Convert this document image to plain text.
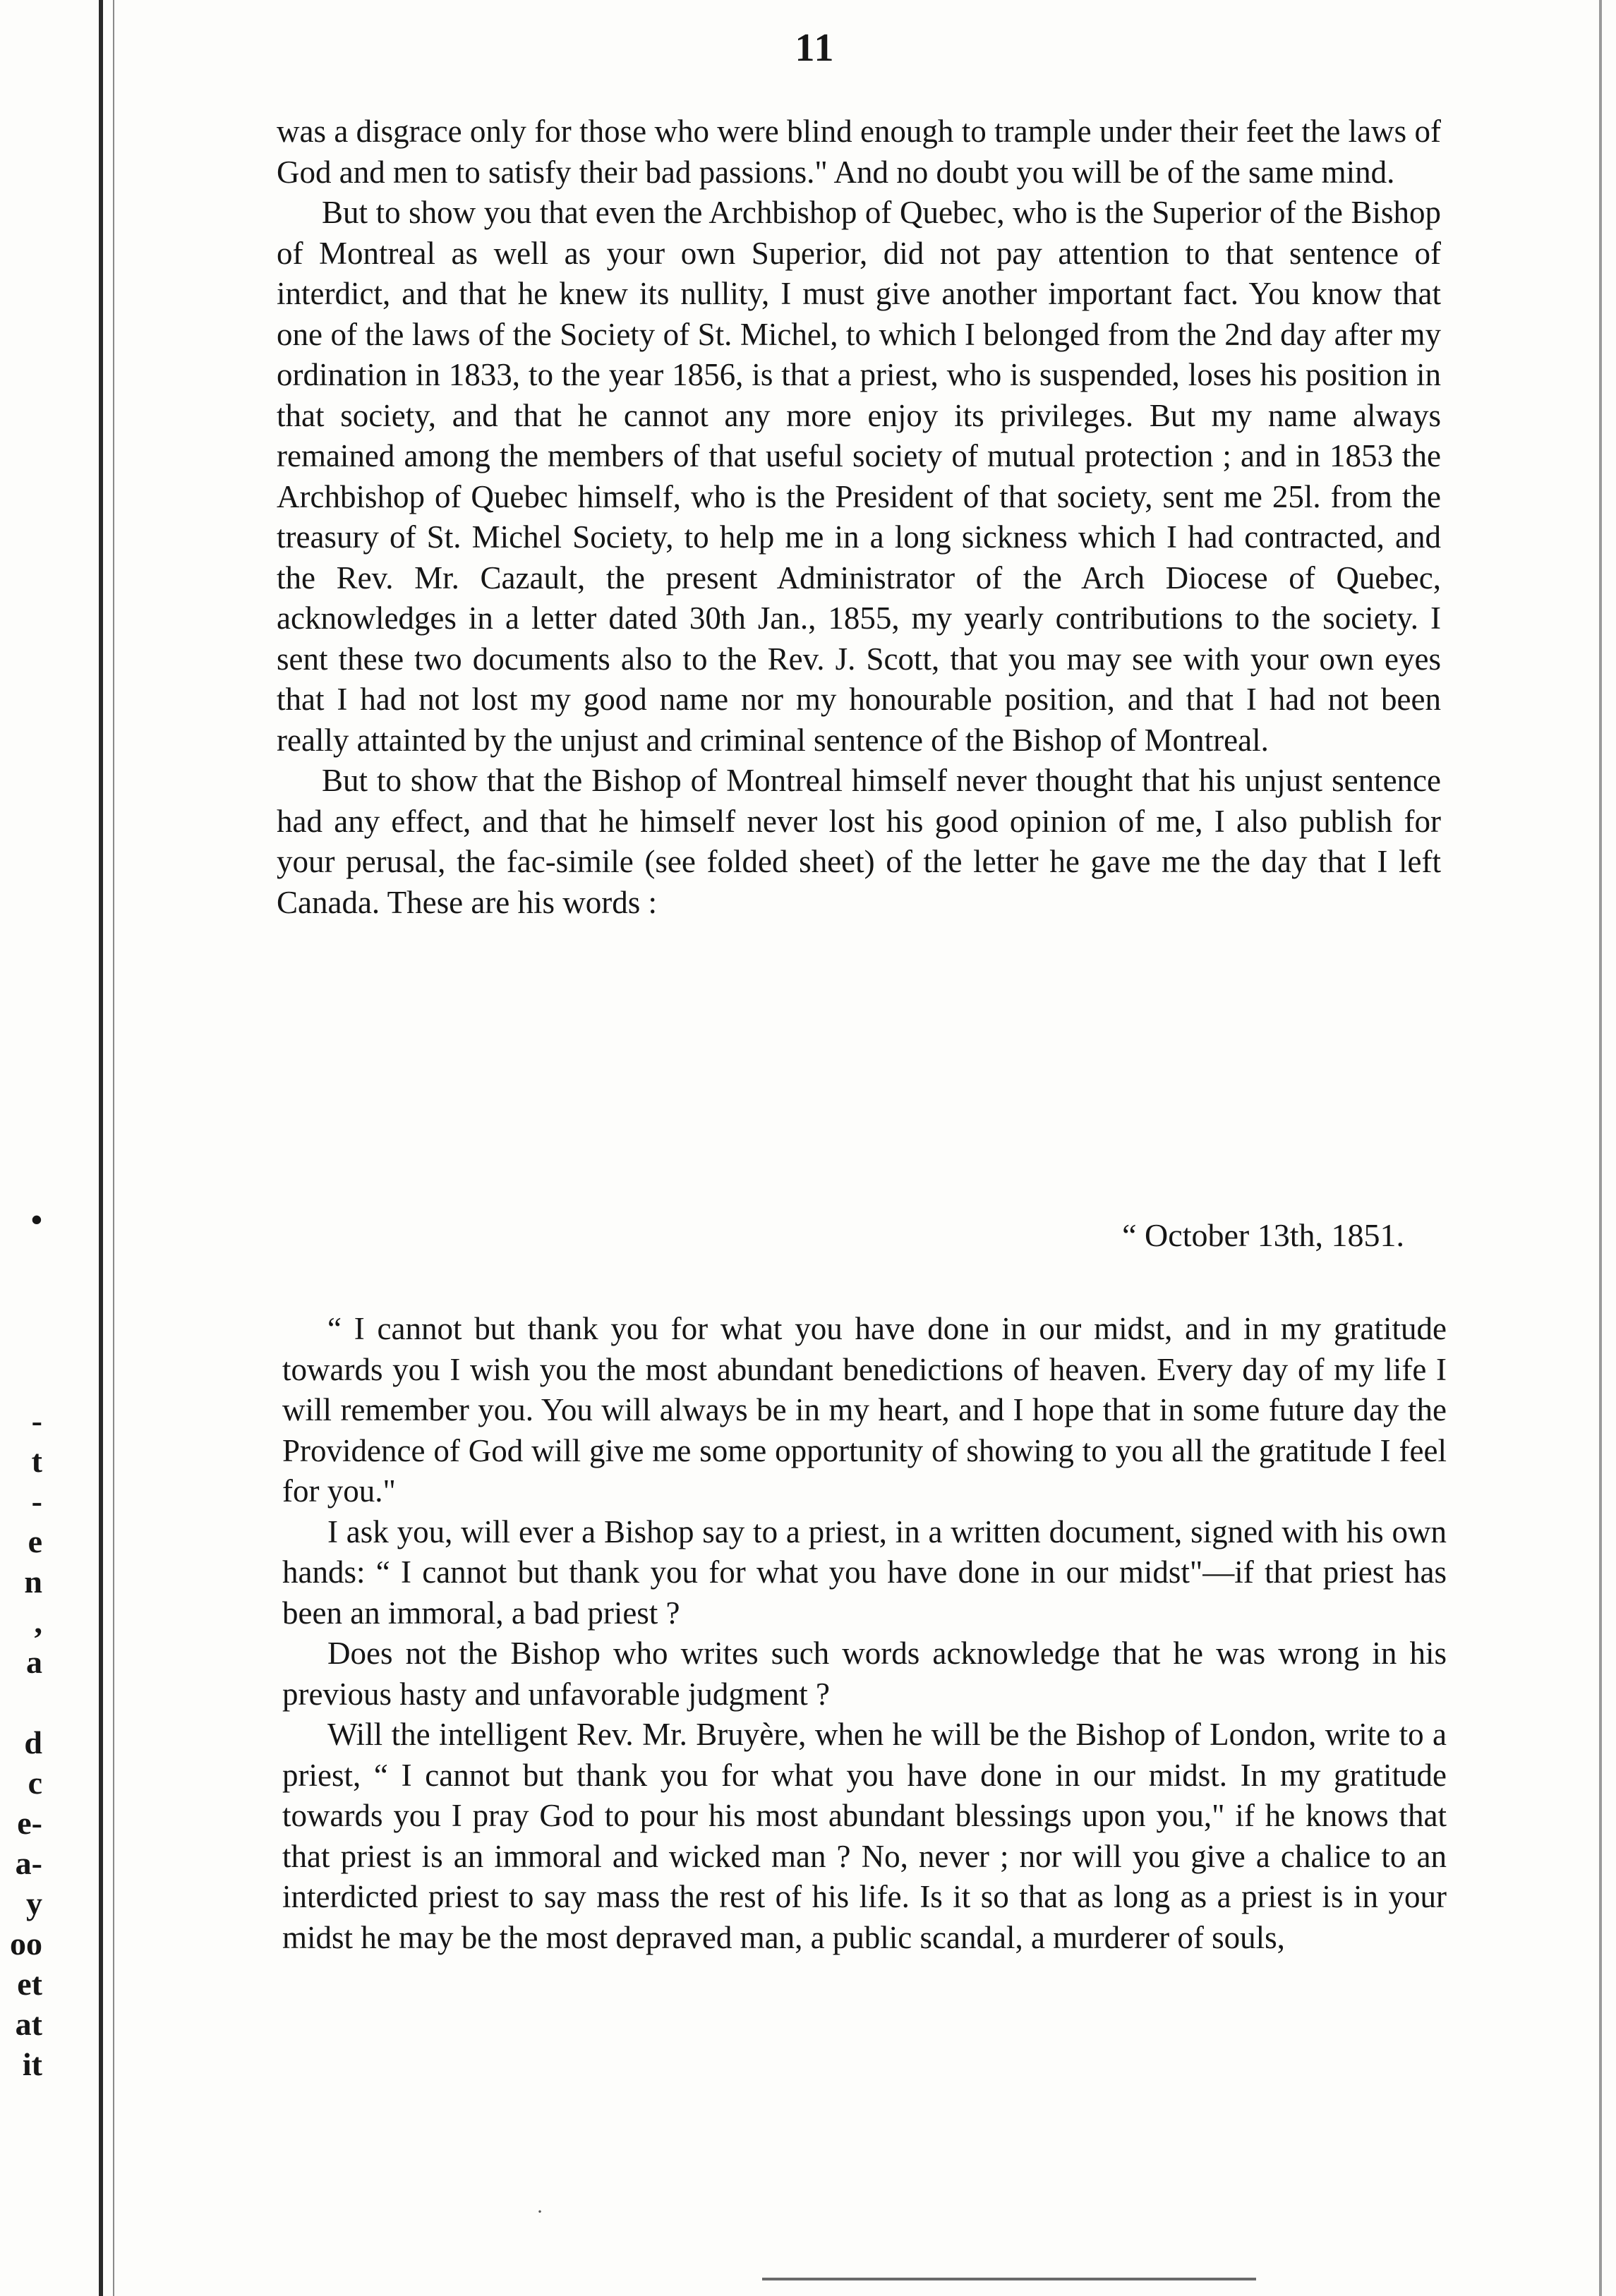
•
-
t
-
e
n
,
a
d
c
e-
a-
y
oo
et
at
it
11

was a disgrace only for those who were blind enough to trample under their feet the laws of God and men to satisfy their bad passions." And no doubt you will be of the same mind.

But to show you that even the Archbishop of Quebec, who is the Superior of the Bishop of Montreal as well as your own Superior, did not pay attention to that sentence of interdict, and that he knew its nullity, I must give another important fact. You know that one of the laws of the Society of St. Michel, to which I belonged from the 2nd day after my ordination in 1833, to the year 1856, is that a priest, who is suspended, loses his position in that society, and that he cannot any more enjoy its privileges. But my name always remained among the members of that useful society of mutual protection ; and in 1853 the Archbishop of Quebec himself, who is the President of that society, sent me 25l. from the treasury of St. Michel Society, to help me in a long sickness which I had contracted, and the Rev. Mr. Cazault, the present Administrator of the Arch Diocese of Quebec, acknowledges in a letter dated 30th Jan., 1855, my yearly contributions to the society. I sent these two documents also to the Rev. J. Scott, that you may see with your own eyes that I had not lost my good name nor my honourable position, and that I had not been really attainted by the unjust and criminal sentence of the Bishop of Montreal.

But to show that the Bishop of Montreal himself never thought that his unjust sentence had any effect, and that he himself never lost his good opinion of me, I also publish for your perusal, the fac-simile (see folded sheet) of the letter he gave me the day that I left Canada. These are his words :

“ October 13th, 1851.

“ I cannot but thank you for what you have done in our midst, and in my gratitude towards you I wish you the most abundant benedictions of heaven. Every day of my life I will remember you. You will always be in my heart, and I hope that in some future day the Providence of God will give me some opportunity of showing to you all the gratitude I feel for you."

I ask you, will ever a Bishop say to a priest, in a written document, signed with his own hands: “ I cannot but thank you for what you have done in our midst"—if that priest has been an immoral, a bad priest ?

Does not the Bishop who writes such words acknowledge that he was wrong in his previous hasty and unfavorable judgment ?

Will the intelligent Rev. Mr. Bruyère, when he will be the Bishop of London, write to a priest, “ I cannot but thank you for what you have done in our midst. In my gratitude towards you I pray God to pour his most abundant blessings upon you," if he knows that that priest is an immoral and wicked man ? No, never ; nor will you give a chalice to an interdicted priest to say mass the rest of his life. Is it so that as long as a priest is in your midst he may be the most depraved man, a public scandal, a murderer of souls,

·
